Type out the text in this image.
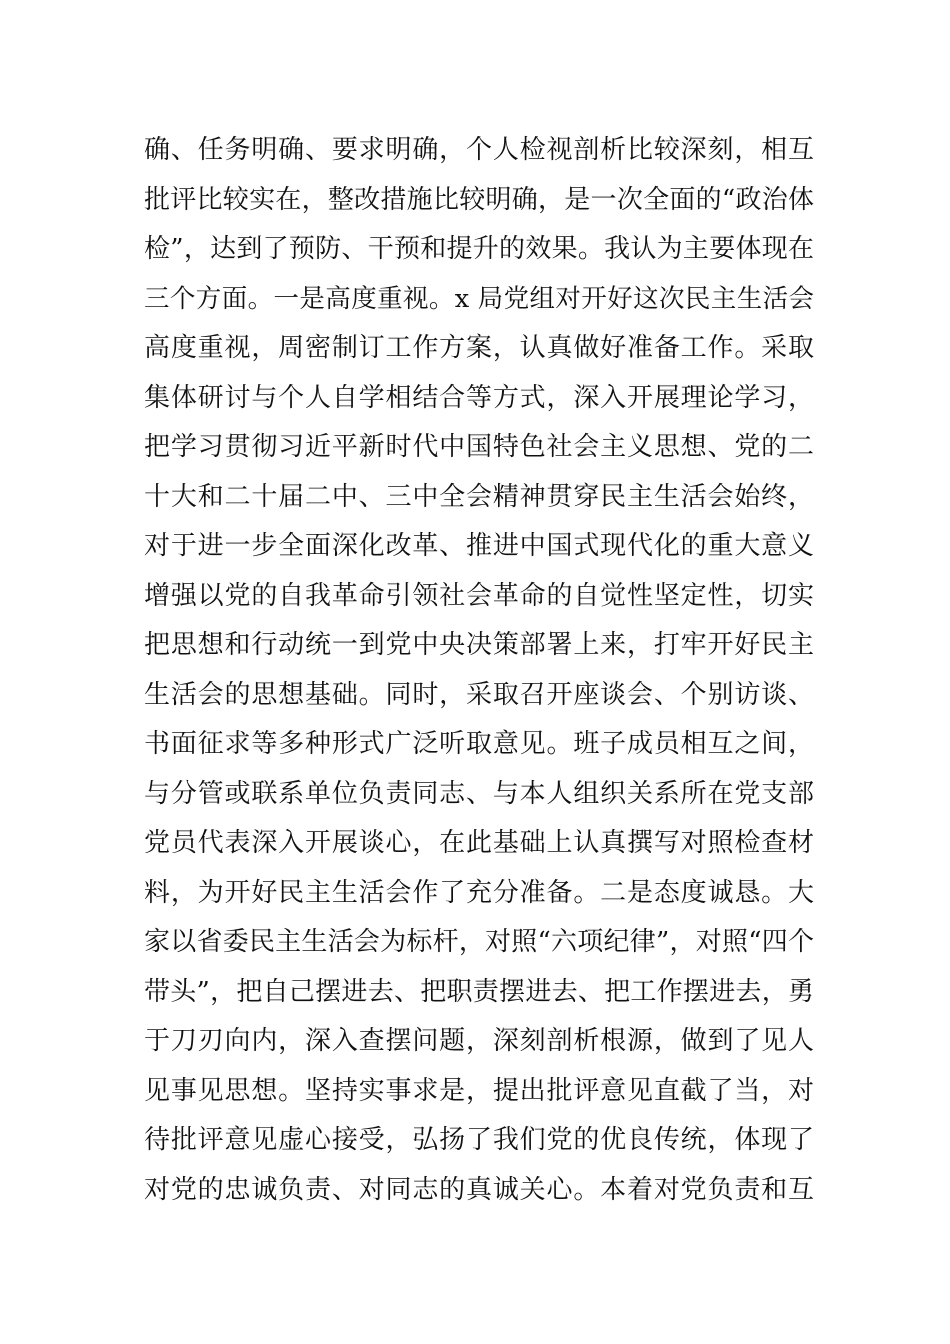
确、任务明确、要求明确，个人检视剖析比较深刻，相互
批评比较实在，整改措施比较明确，是一次全面的“政治体
检”，达到了预防、干预和提升的效果。我认为主要体现在
三个方面。一是高度重视。x 局党组对开好这次民主生活会
高度重视，周密制订工作方案，认真做好准备工作。采取
集体研讨与个人自学相结合等方式，深入开展理论学习，
把学习贯彻习近平新时代中国特色社会主义思想、党的二
十大和二十届二中、三中全会精神贯穿民主生活会始终，
对于进一步全面深化改革、推进中国式现代化的重大意义
增强以党的自我革命引领社会革命的自觉性坚定性，切实
把思想和行动统一到党中央决策部署上来，打牢开好民主
生活会的思想基础。同时，采取召开座谈会、个别访谈、
书面征求等多种形式广泛听取意见。班子成员相互之间，
与分管或联系单位负责同志、与本人组织关系所在党支部
党员代表深入开展谈心，在此基础上认真撰写对照检查材
料，为开好民主生活会作了充分准备。二是态度诚恳。大
家以省委民主生活会为标杆，对照“六项纪律”，对照“四个
带头”，把自己摆进去、把职责摆进去、把工作摆进去，勇
于刀刃向内，深入查摆问题，深刻剖析根源，做到了见人
见事见思想。坚持实事求是，提出批评意见直截了当，对
待批评意见虚心接受，弘扬了我们党的优良传统，体现了
对党的忠诚负责、对同志的真诚关心。本着对党负责和互
